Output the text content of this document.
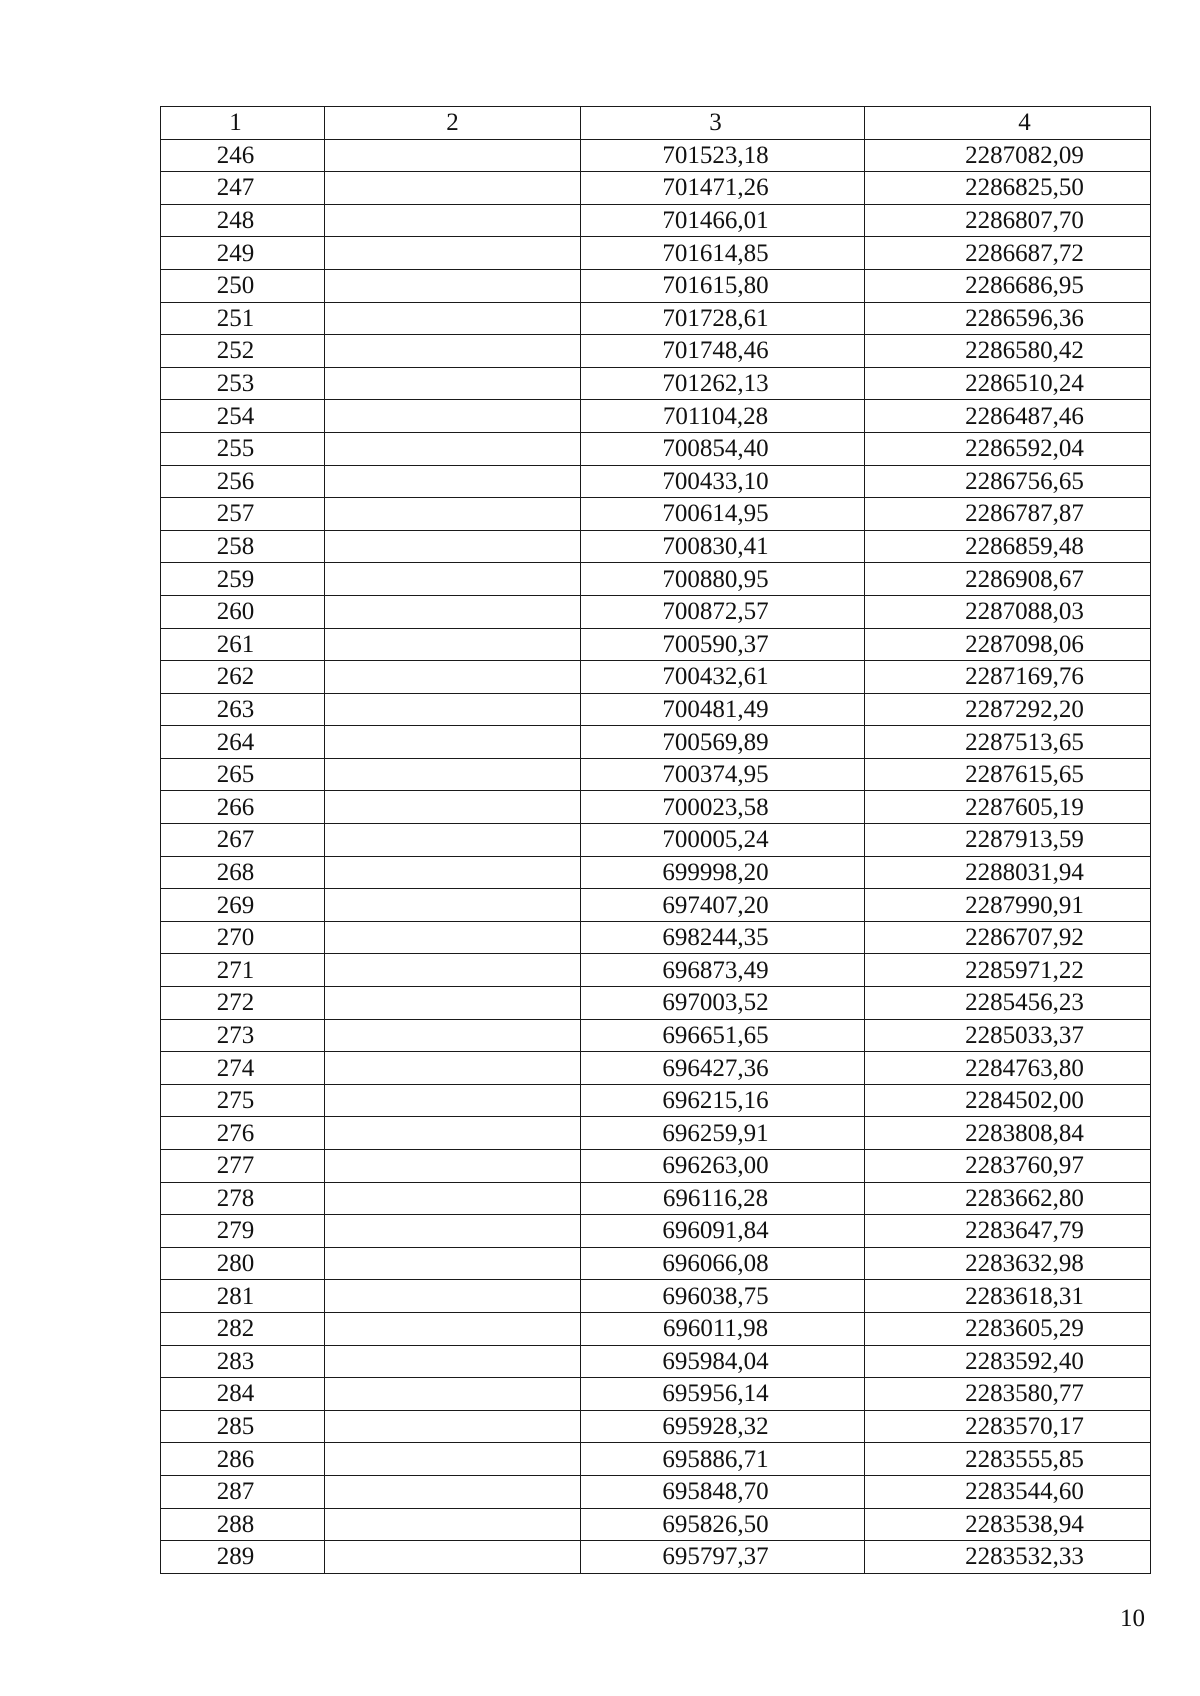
1	2	3	4
246		701523,18	2287082,09
247		701471,26	2286825,50
248		701466,01	2286807,70
249		701614,85	2286687,72
250		701615,80	2286686,95
251		701728,61	2286596,36
252		701748,46	2286580,42
253		701262,13	2286510,24
254		701104,28	2286487,46
255		700854,40	2286592,04
256		700433,10	2286756,65
257		700614,95	2286787,87
258		700830,41	2286859,48
259		700880,95	2286908,67
260		700872,57	2287088,03
261		700590,37	2287098,06
262		700432,61	2287169,76
263		700481,49	2287292,20
264		700569,89	2287513,65
265		700374,95	2287615,65
266		700023,58	2287605,19
267		700005,24	2287913,59
268		699998,20	2288031,94
269		697407,20	2287990,91
270		698244,35	2286707,92
271		696873,49	2285971,22
272		697003,52	2285456,23
273		696651,65	2285033,37
274		696427,36	2284763,80
275		696215,16	2284502,00
276		696259,91	2283808,84
277		696263,00	2283760,97
278		696116,28	2283662,80
279		696091,84	2283647,79
280		696066,08	2283632,98
281		696038,75	2283618,31
282		696011,98	2283605,29
283		695984,04	2283592,40
284		695956,14	2283580,77
285		695928,32	2283570,17
286		695886,71	2283555,85
287		695848,70	2283544,60
288		695826,50	2283538,94
289		695797,37	2283532,33
10
